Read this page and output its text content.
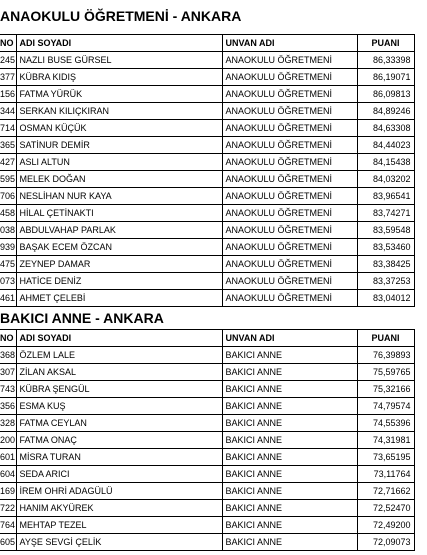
ANAOKULU ÖĞRETMENİ - ANKARA
NO	ADI SOYADI	UNVAN ADI	PUANI
245	NAZLI BUSE GÜRSEL	ANAOKULU ÖĞRETMENİ	86,33398
377	KÜBRA KIDIŞ	ANAOKULU ÖĞRETMENİ	86,19071
156	FATMA YÜRÜK	ANAOKULU ÖĞRETMENİ	86,09813
344	SERKAN KILIÇKIRAN	ANAOKULU ÖĞRETMENİ	84,89246
714	OSMAN KÜÇÜK	ANAOKULU ÖĞRETMENİ	84,63308
365	SATİNUR DEMİR	ANAOKULU ÖĞRETMENİ	84,44023
427	ASLI ALTUN	ANAOKULU ÖĞRETMENİ	84,15438
595	MELEK DOĞAN	ANAOKULU ÖĞRETMENİ	84,03202
706	NESLİHAN NUR KAYA	ANAOKULU ÖĞRETMENİ	83,96541
458	HİLAL ÇETİNAKTI	ANAOKULU ÖĞRETMENİ	83,74271
038	ABDULVAHAP PARLAK	ANAOKULU ÖĞRETMENİ	83,59548
939	BAŞAK ECEM ÖZCAN	ANAOKULU ÖĞRETMENİ	83,53460
475	ZEYNEP DAMAR	ANAOKULU ÖĞRETMENİ	83,38425
073	HATİCE DENİZ	ANAOKULU ÖĞRETMENİ	83,37253
461	AHMET ÇELEBİ	ANAOKULU ÖĞRETMENİ	83,04012
BAKICI ANNE - ANKARA
NO	ADI SOYADI	UNVAN ADI	PUANI
368	ÖZLEM LALE	BAKICI ANNE	76,39893
307	ZİLAN AKSAL	BAKICI ANNE	75,59765
743	KÜBRA ŞENGÜL	BAKICI ANNE	75,32166
356	ESMA KUŞ	BAKICI ANNE	74,79574
328	FATMA CEYLAN	BAKICI ANNE	74,55396
200	FATMA ONAÇ	BAKICI ANNE	74,31981
601	MİSRA TURAN	BAKICI ANNE	73,65195
604	SEDA ARICI	BAKICI ANNE	73,11764
169	İREM OHRİ ADAGÜLÜ	BAKICI ANNE	72,71662
722	HANIM AKYÜREK	BAKICI ANNE	72,52470
764	MEHTAP TEZEL	BAKICI ANNE	72,49200
605	AYŞE SEVGİ ÇELİK	BAKICI ANNE	72,09073
